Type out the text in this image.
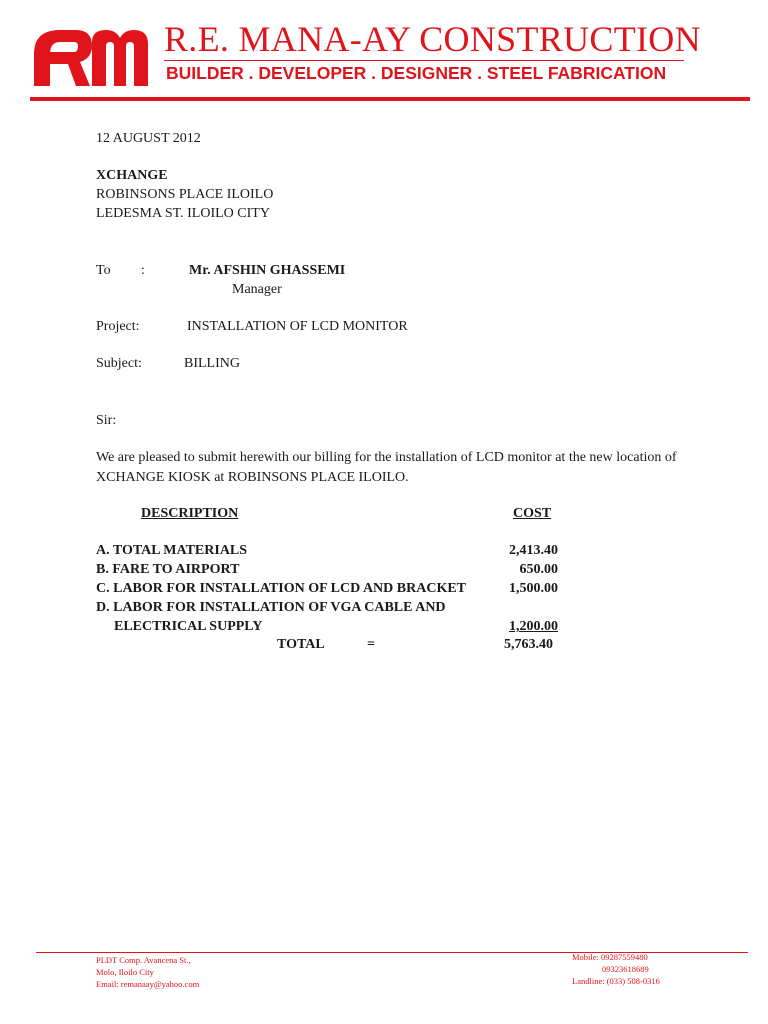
R.E. MANA-AY CONSTRUCTION
BUILDER . DEVELOPER . DESIGNER . STEEL FABRICATION
12 AUGUST 2012
XCHANGE
ROBINSONS PLACE ILOILO
LEDESMA ST. ILOILO CITY
To :	Mr. AFSHIN GHASSEMI
Manager
Project:	INSTALLATION OF LCD MONITOR
Subject:	BILLING
Sir:
We are pleased to submit herewith our billing for the installation of LCD monitor at the new location of XCHANGE KIOSK at ROBINSONS PLACE ILOILO.
DESCRIPTION	COST
A. TOTAL MATERIALS	2,413.40
B. FARE TO AIRPORT	650.00
C. LABOR FOR INSTALLATION OF LCD AND BRACKET	1,500.00
D. LABOR FOR INSTALLATION OF VGA CABLE AND
ELECTRICAL SUPPLY	1,200.00
TOTAL	=	5,763.40
PLDT Comp. Avancena St.,
Molo, Iloilo City
Email: remanaay@yahoo.com
Mobile: 09287559480
09323618689
Landline: (033) 508-0316
